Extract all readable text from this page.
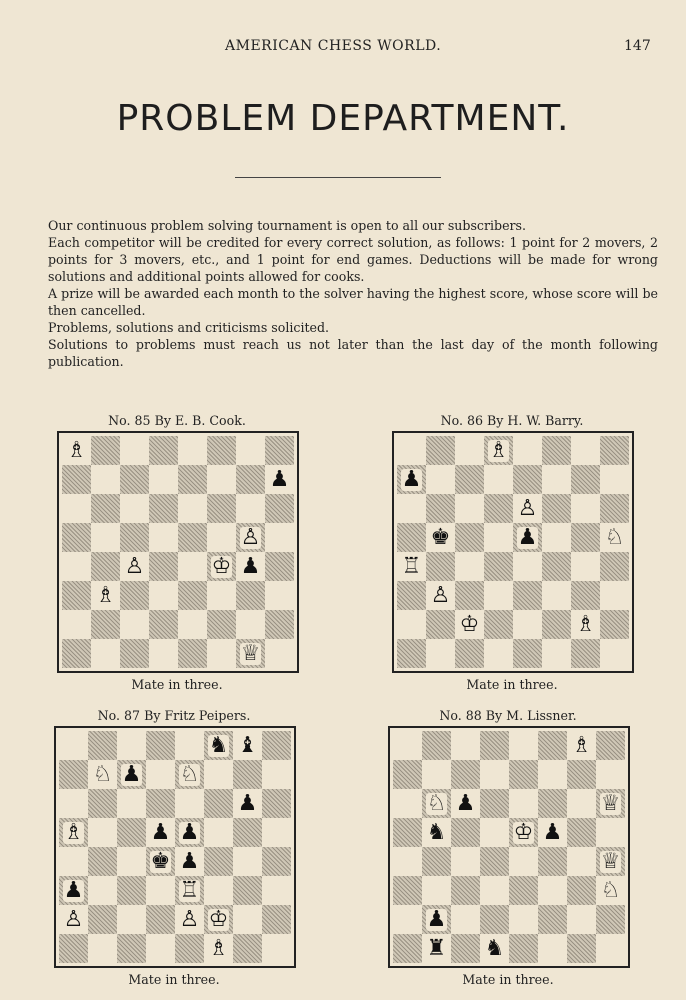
AMERICAN CHESS WORLD.	147
PROBLEM DEPARTMENT.

Our continuous problem solving tournament is open to all our subscribers.

Each competitor will be credited for every correct solution, as follows: 1 point for 2 movers, 2 points for 3 movers, etc., and 1 point for end games. Deductions will be made for wrong solutions and additional points allowed for cooks.

A prize will be awarded each month to the solver having the highest score, whose score will be then cancelled.

Problems, solutions and criticisms solicited.

Solutions to problems must reach us not later than the last day of the month following publication.

No. 85 By E. B. Cook.
♗
♟
♙
♙	♔ ♟
♗
♕
Mate in three.
No. 86 By H. W. Barry.
♗
♟
♙
♚	♟	♘
♖
♙
♔	♗
Mate in three.
No. 87 By Fritz Peipers.
♞ ♝
♘ ♟ ♘
♟
♗	♟ ♟
♚ ♟
♟	♖
♙	♙ ♔
♗
Mate in three.
No. 88 By M. Lissner.
♗
♘ ♟	♕
♞	♔ ♟
♕
♘
♟
♜ ♞
Mate in three.
